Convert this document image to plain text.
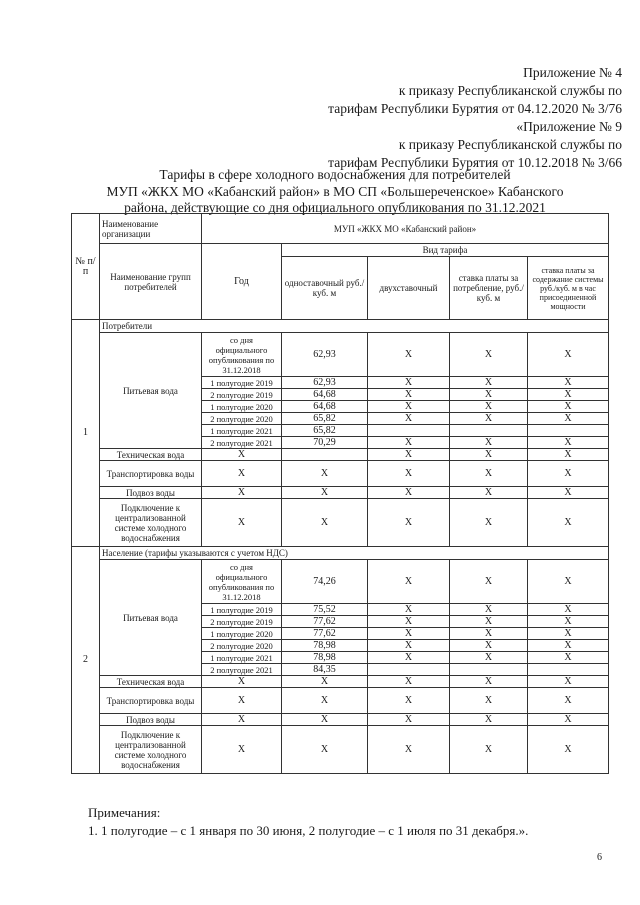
Приложение № 4
к приказу Республиканской службы по
тарифам Республики Бурятия от 04.12.2020 № 3/76
«Приложение № 9
к приказу Республиканской службы по
тарифам Республики Бурятия от 10.12.2018 № 3/66
Тарифы в сфере холодного водоснабжения для потребителей
МУП «ЖКХ МО «Кабанский район» в МО СП «Большереченское» Кабанского
района, действующие со дня официального опубликования по 31.12.2021
№ п/п	Наименование организации	МУП «ЖКХ МО «Кабанский район»				
	Наименование групп потребителей	Год	Вид тарифа			
			одноставочный руб./ куб. м	двухставочный	ставка платы за потребление, руб./ куб. м	ставка платы за содержание системы руб./куб. м в час присоединенной мощности
1	Потребители					
	Питьевая вода	со дня официального опубликования по 31.12.2018	62,93	X	X	X
		1 полугодие 2019	62,93	X	X	X
		2 полугодие 2019	64,68	X	X	X
		1 полугодие 2020	64,68	X	X	X
		2 полугодие 2020	65,82	X	X	X
		1 полугодие 2021	65,82			
		2 полугодие 2021	70,29	X	X	X
	Техническая вода	X		X	X	X
	Транспортировка воды	X	X	X	X	X
	Подвоз воды	X	X	X	X	X
	Подключение к централизованной системе холодного водоснабжения	X	X	X	X	X
2	Население (тарифы указываются с учетом НДС)					
	Питьевая вода	со дня официального опубликования по 31.12.2018	74,26	X	X	X
		1 полугодие 2019	75,52	X	X	X
		2 полугодие 2019	77,62	X	X	X
		1 полугодие 2020	77,62	X	X	X
		2 полугодие 2020	78,98	X	X	X
		1 полугодие 2021	78,98	X	X	X
		2 полугодие 2021	84,35			
	Техническая вода	X	X	X	X	X
	Транспортировка воды	X	X	X	X	X
	Подвоз воды	X	X	X	X	X
	Подключение к централизованной системе холодного водоснабжения	X	X	X	X	X
Примечания:
1. 1 полугодие – с 1 января по 30 июня, 2 полугодие – с 1 июля по 31 декабря.».
6
